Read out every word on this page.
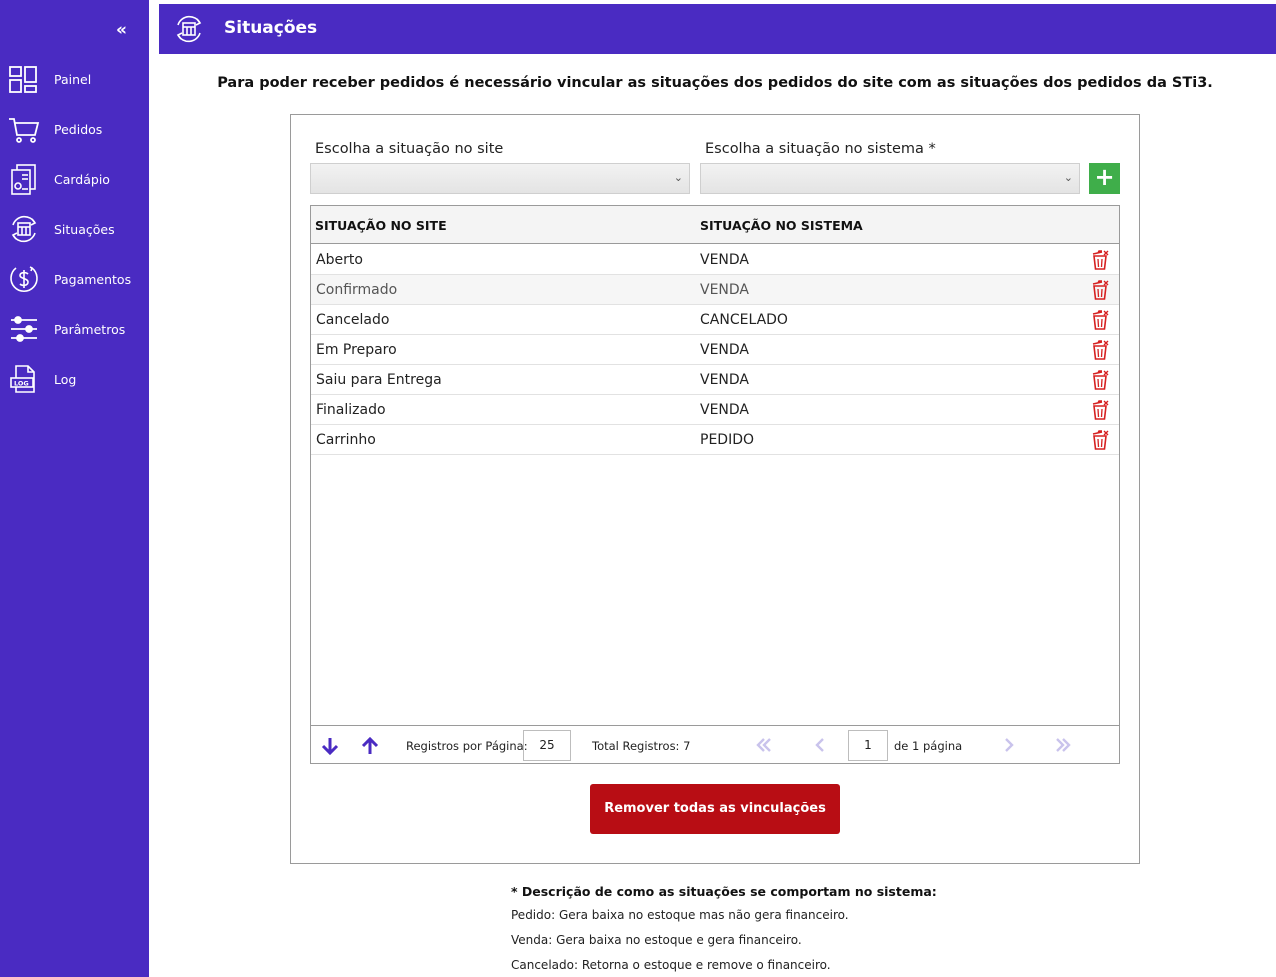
‹‹
Painel
Pedidos
Cardápio
Situações
Pagamentos
Parâmetros
LOG Log
Situações
Para poder receber pedidos é necessário vincular as situações dos pedidos do site com as situações dos pedidos da STi3.
Escolha a situação no site	Escolha a situação no sistema *
⌄	⌄ +
SITUAÇÃO NO SITE	SITUAÇÃO NO SISTEMA
Aberto	VENDA
Confirmado	VENDA
Cancelado	CANCELADO
Em Preparo	VENDA
Saiu para Entrega	VENDA
Finalizado	VENDA
Carrinho	PEDIDO
Registros por Página: 25	Total Registros: 7	1	de 1 página
Remover todas as vinculações
* Descrição de como as situações se comportam no sistema:
Pedido: Gera baixa no estoque mas não gera financeiro.
Venda: Gera baixa no estoque e gera financeiro.
Cancelado: Retorna o estoque e remove o financeiro.
